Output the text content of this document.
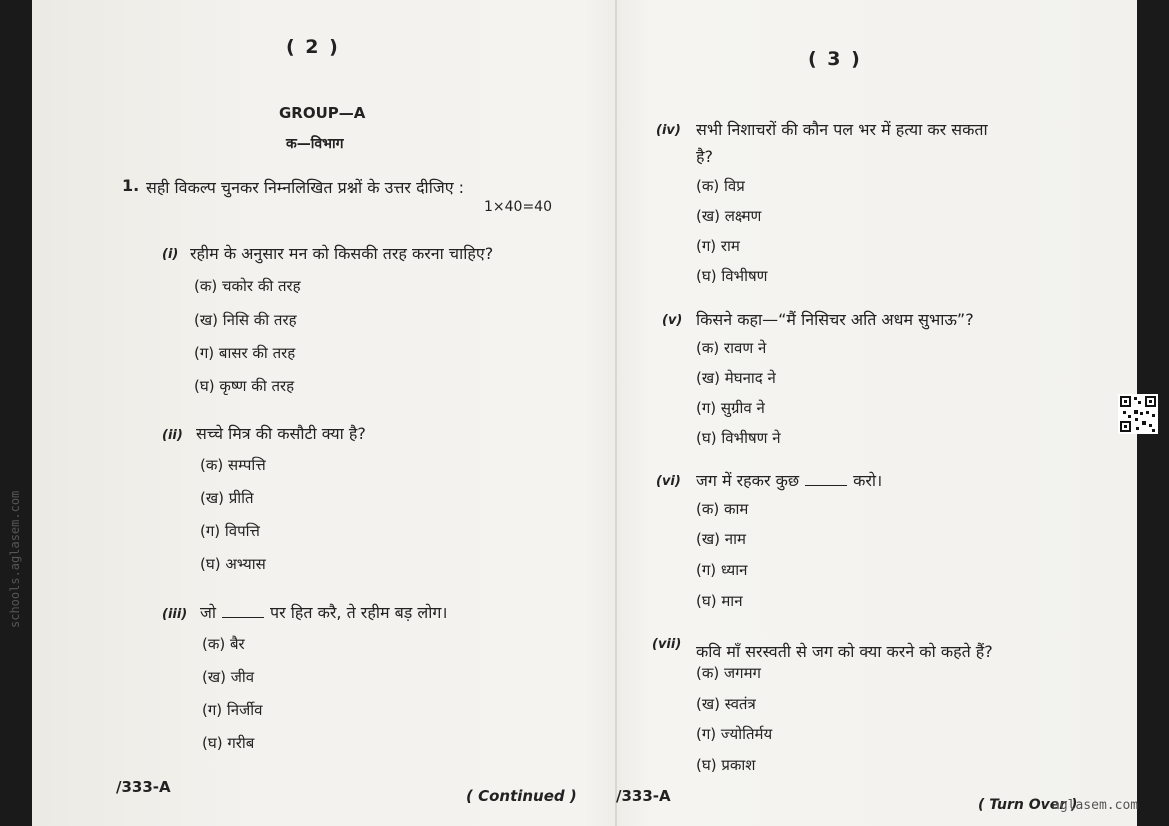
( 2 )
GROUP—A
क—विभाग
1. सही विकल्प चुनकर निम्नलिखित प्रश्नों के उत्तर दीजिए :
1×40=40
(i) रहीम के अनुसार मन को किसकी तरह करना चाहिए?
(क) चकोर की तरह
(ख) निसि की तरह
(ग) बासर की तरह
(घ) कृष्ण की तरह
(ii) सच्चे मित्र की कसौटी क्या है?
(क) सम्पत्ति
(ख) प्रीति
(ग) विपत्ति
(घ) अभ्यास
(iii) जो	पर हित करै, ते रहीम बड़ लोग।
(क) बैर
(ख) जीव
(ग) निर्जीव
(घ) गरीब
/333-A	( Continued )
( 3 )
(iv) सभी निशाचरों की कौन पल भर में हत्या कर सकता
है?
(क) विप्र
(ख) लक्ष्मण
(ग) राम
(घ) विभीषण
(v) किसने कहा—“मैं निसिचर अति अधम सुभाऊ”?
(क) रावण ने
(ख) मेघनाद ने
(ग) सुग्रीव ने
(घ) विभीषण ने
(vi) जग में रहकर कुछ	करो।
(क) काम
(ख) नाम
(ग) ध्यान
(घ) मान
(vii) कवि माँ सरस्वती से जग को क्या करने को कहते हैं?
(क) जगमग
(ख) स्वतंत्र
(ग) ज्योतिर्मय
(घ) प्रकाश
/333-A	( Turn Over )
schools.aglasem.com
aglasem.com
